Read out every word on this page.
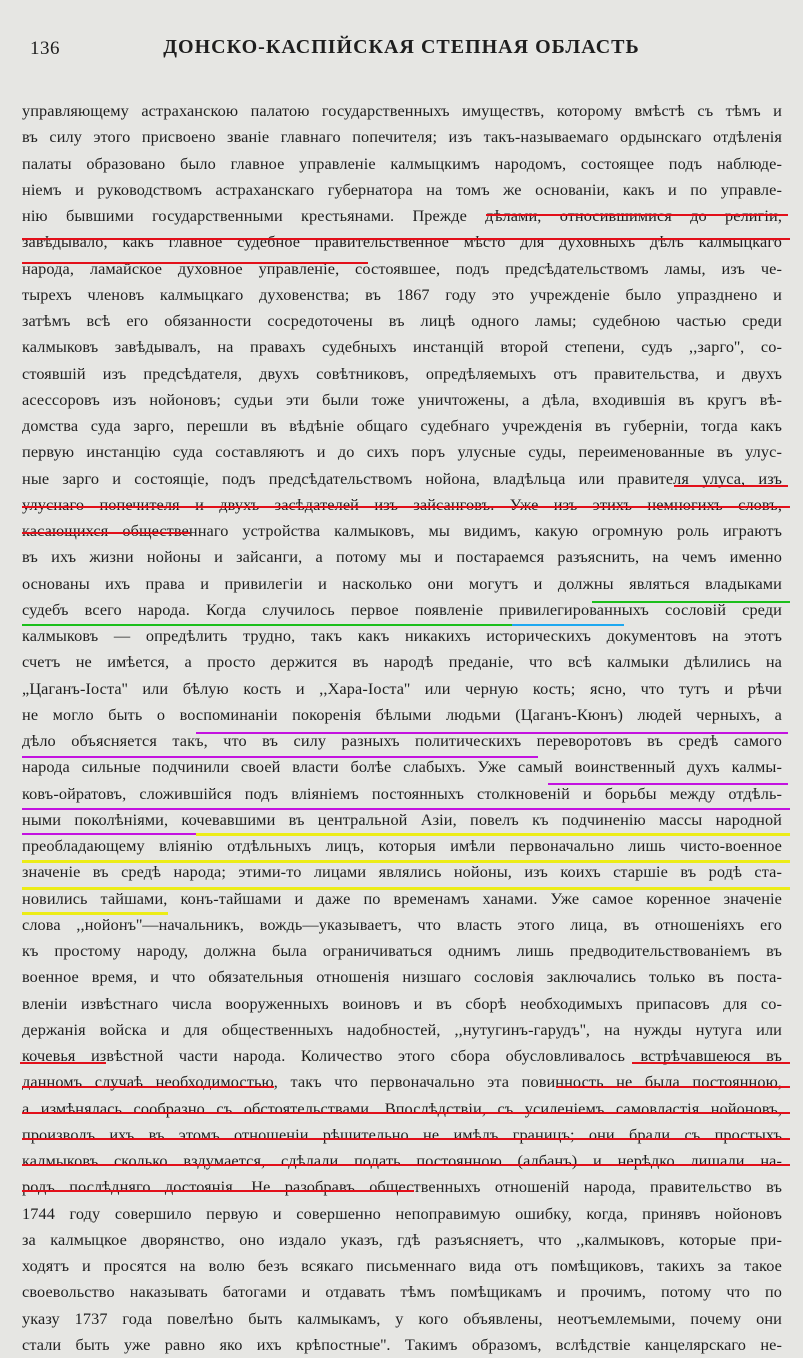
136	ДОНСКО-КАСПІЙСКАЯ СТЕПНАЯ ОБЛАСТЬ
управляющему астраханскою палатою государственныхъ имуществъ, которому вмѣстѣ съ тѣмъ и
въ силу этого присвоено званіе главнаго попечителя; изъ такъ-называемаго ордынскаго отдѣленія
палаты образовано было главное управленіе калмыцкимъ народомъ, состоящее подъ наблюде-
ніемъ и руководствомъ астраханскаго губернатора на томъ же основаніи, какъ и по управле-
нію бывшими государственными крестьянами. Прежде дѣлами, относившимися до религіи,
завѣдывало, какъ главное судебное правительственное мѣсто для духовныхъ дѣлъ калмыцкаго
народа, ламайское духовное управленіе, состоявшее, подъ предсѣдательствомъ ламы, изъ че-
тырехъ членовъ калмыцкаго духовенства; въ 1867 году это учрежденіе было упразднено и
затѣмъ всѣ его обязанности сосредоточены въ лицѣ одного ламы; судебною частью среди
калмыковъ завѣдывалъ, на правахъ судебныхъ инстанцій второй степени, судъ ,,зарго'', со-
стоявшій изъ предсѣдателя, двухъ совѣтниковъ, опредѣляемыхъ отъ правительства, и двухъ
асессоровъ изъ нойоновъ; судьи эти были тоже уничтожены, а дѣла, входившія въ кругъ вѣ-
домства суда зарго, перешли въ вѣдѣніе общаго судебнаго учрежденія въ губерніи, тогда какъ
первую инстанцію суда составляютъ и до сихъ поръ улусные суды, переименованные въ улус-
ные зарго и состоящіе, подъ предсѣдательствомъ нойона, владѣльца или правителя улуса, изъ
улуснаго попечителя и двухъ засѣдателей изъ зайсанговъ. Уже изъ этихъ немногихъ словъ,
касающихся общественнаго устройства калмыковъ, мы видимъ, какую огромную роль играютъ
въ ихъ жизни нойоны и зайсанги, а потому мы и постараемся разъяснить, на чемъ именно
основаны ихъ права и привилегіи и насколько они могутъ и должны являться владыками
судебъ всего народа. Когда случилось первое появленіе привилегированныхъ сословій среди
калмыковъ — опредѣлить трудно, такъ какъ никакихъ историческихъ документовъ на этотъ
счетъ не имѣется, а просто держится въ народѣ преданіе, что всѣ калмыки дѣлились на
„Цаганъ-Іоста'' или бѣлую кость и ,,Хара-Іоста'' или черную кость; ясно, что тутъ и рѣчи
не могло быть о воспоминаніи покоренія бѣлыми людьми (Цаганъ-Кюнъ) людей черныхъ, а
дѣло объясняется такъ, что въ силу разныхъ политическихъ переворотовъ въ средѣ самого
народа сильные подчинили своей власти болѣе слабыхъ. Уже самый воинственный духъ калмы-
ковъ-ойратовъ, сложившійся подъ вліяніемъ постоянныхъ столкновеній и борьбы между отдѣль-
ными поколѣніями, кочевавшими въ центральной Азіи, повелъ къ подчиненію массы народной
преобладающему вліянію отдѣльныхъ лицъ, которыя имѣли первоначально лишь чисто-военное
значеніе въ средѣ народа; этими-то лицами являлись нойоны, изъ коихъ старшіе въ родѣ ста-
новились тайшами, конъ-тайшами и даже по временамъ ханами. Уже самое коренное значеніе
слова ,,нойонъ''—начальникъ, вождь—указываетъ, что власть этого лица, въ отношеніяхъ его
къ простому народу, должна была ограничиваться однимъ лишь предводительствованіемъ въ
военное время, и что обязательныя отношенія низшаго сословія заключались только въ поста-
вленіи извѣстнаго числа вооруженныхъ воиновъ и въ сборѣ необходимыхъ припасовъ для со-
держанія войска и для общественныхъ надобностей, ,,нутугинъ-гарудъ'', на нужды нутуга или
кочевья извѣстной части народа. Количество этого сбора обусловливалось встрѣчавшеюся въ
данномъ случаѣ необходимостью, такъ что первоначально эта повинность не была постоянною,
а измѣнялась сообразно съ обстоятельствами. Впослѣдствіи, съ усиленіемъ самовластія нойоновъ,
произволъ ихъ въ этомъ отношеніи рѣшительно не имѣлъ границъ; они брали съ простыхъ
калмыковъ сколько вздумается, сдѣлали подать постоянною (албанъ) и нерѣдко лишали на-
родъ послѣдняго достоянія. Не разобравъ общественныхъ отношеній народа, правительство въ
1744 году совершило первую и совершенно непоправимую ошибку, когда, принявъ нойоновъ
за калмыцкое дворянство, оно издало указъ, гдѣ разъясняетъ, что ,,калмыковъ, которые при-
ходятъ и просятся на волю безъ всякаго письменнаго вида отъ помѣщиковъ, такихъ за такое
своевольство наказывать батогами и отдавать тѣмъ помѣщикамъ и прочимъ, потому что по
указу 1737 года повелѣно быть калмыкамъ, у кого объявлены, неотъемлемыми, почему они
стали быть уже равно яко ихъ крѣпостные''. Такимъ образомъ, вслѣдствіе канцелярскаго не-
